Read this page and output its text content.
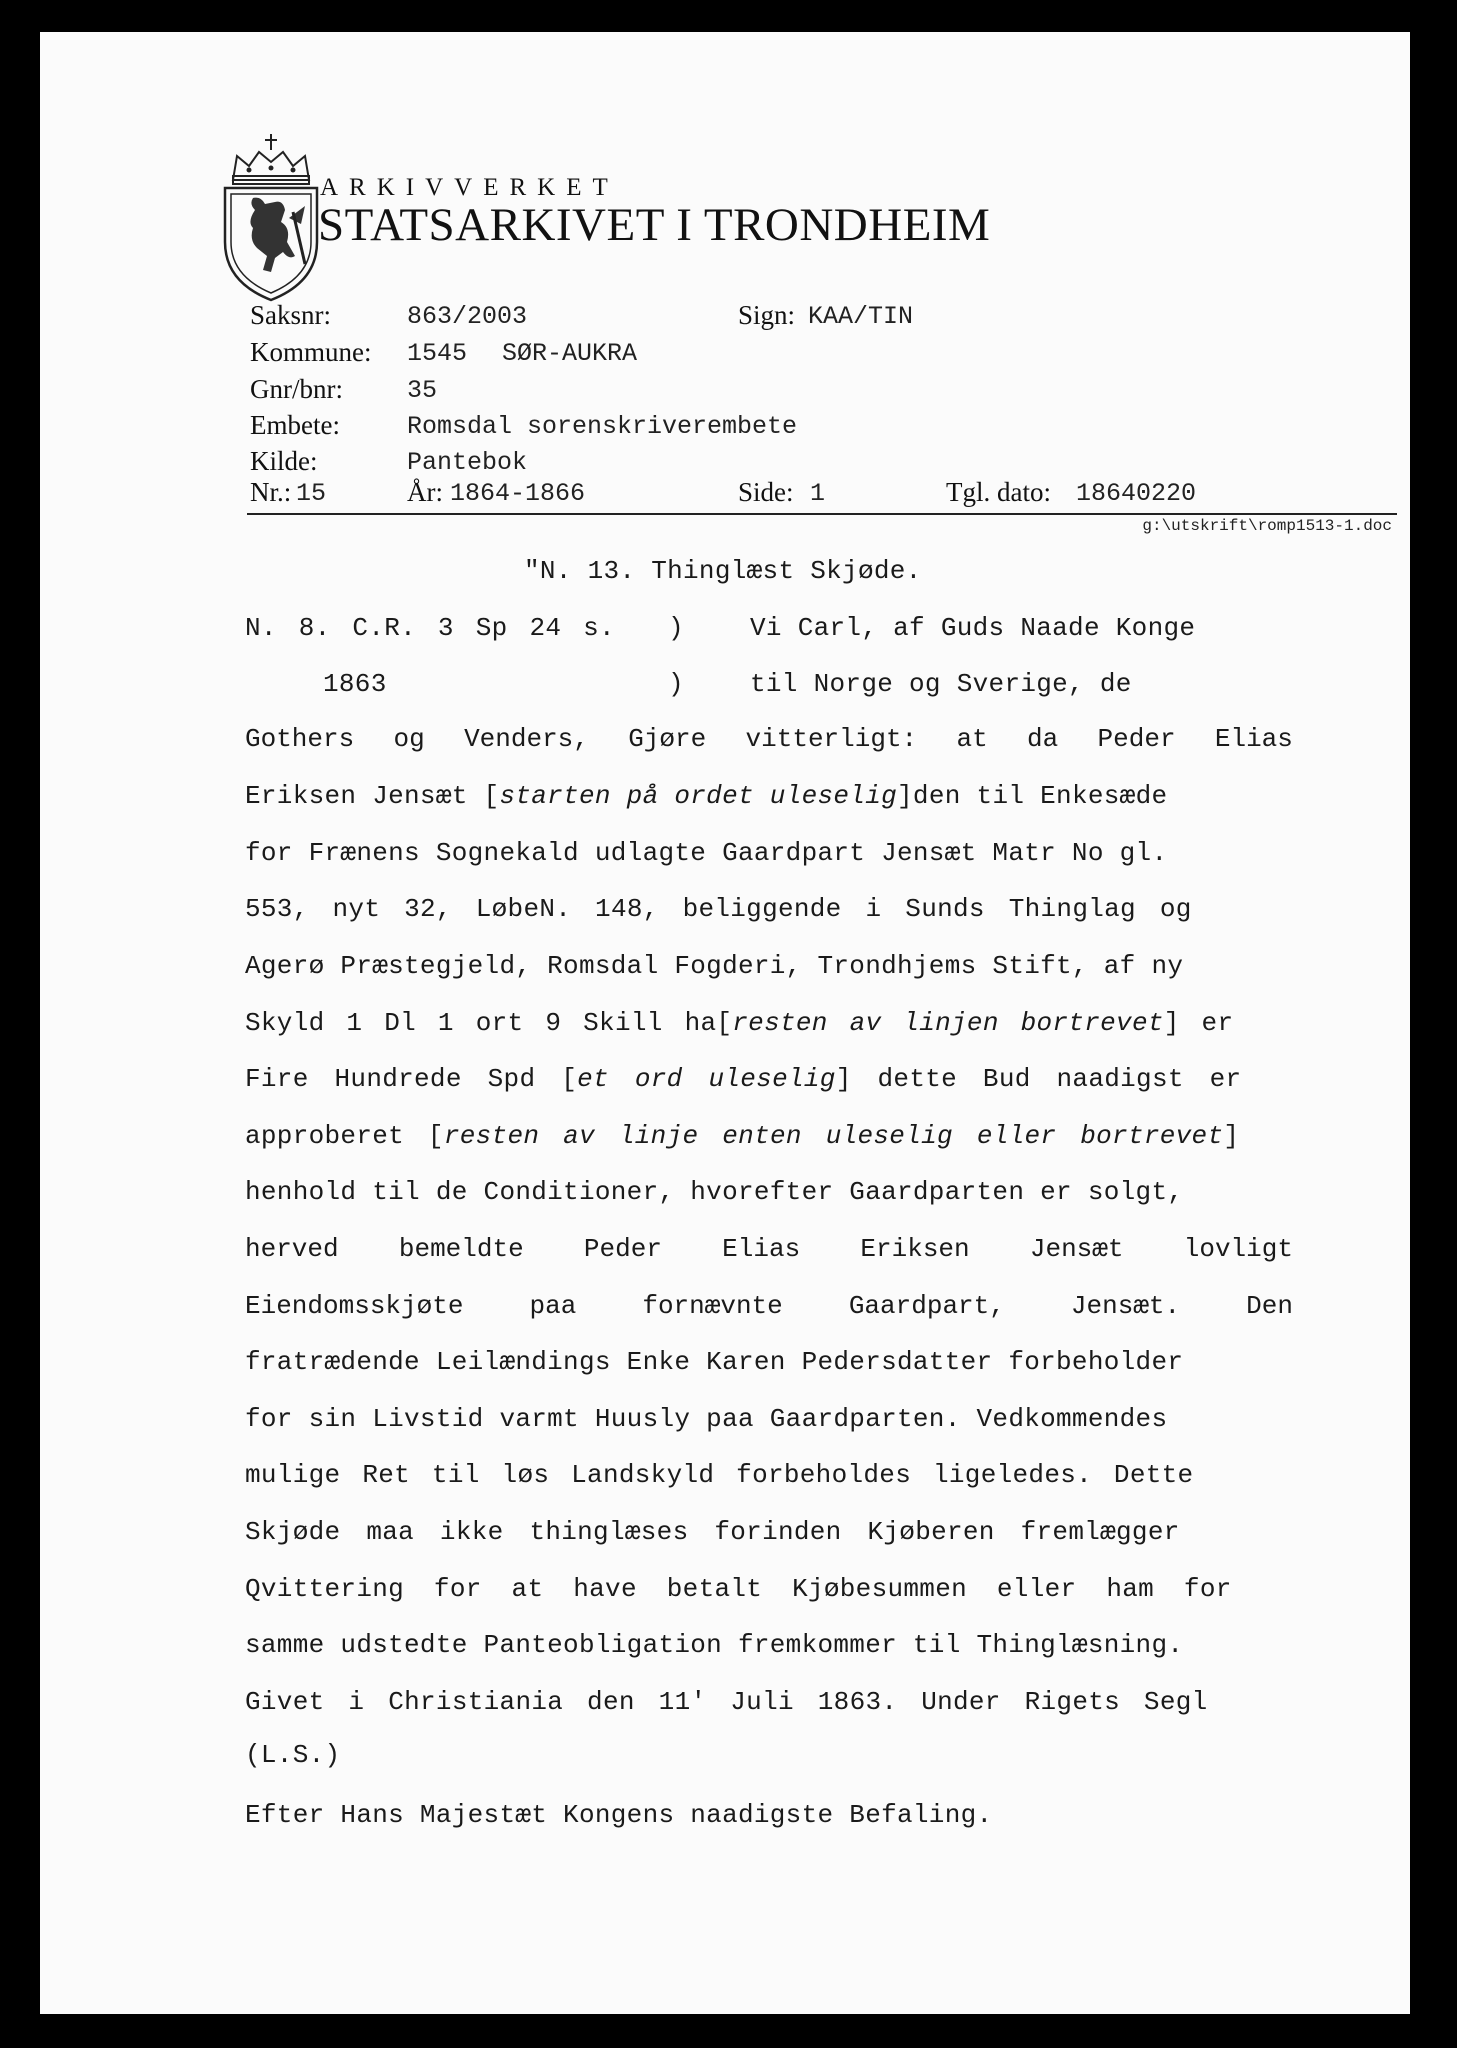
ARKIVVERKET
STATSARKIVET I TRONDHEIM
Saksnr:	863/2003	Sign: KAA/TIN
Kommune: 1545 SØR-AUKRA
Gnr/bnr:	35
Embete:	Romsdal sorenskriverembete
Kilde:	Pantebok
Nr.: 15	År: 1864-1866	Side: 1	Tgl. dato: 18640220
g:\utskrift\romp1513-1.doc
"N. 13. Thinglæst Skjøde.
N. 8. C.R. 3 Sp 24 s. )	Vi Carl, af Guds Naade Konge
1863	)	til Norge og Sverige, de
Gothers og Venders, Gjøre vitterligt: at da Peder Elias
Eriksen Jensæt [starten på ordet uleselig]den til Enkesæde
for Frænens Sognekald udlagte Gaardpart Jensæt Matr No gl.
553, nyt 32, LøbeN. 148, beliggende i Sunds Thinglag og
Agerø Præstegjeld, Romsdal Fogderi, Trondhjems Stift, af ny
Skyld 1 Dl 1 ort 9 Skill ha[resten av linjen bortrevet] er
Fire Hundrede Spd [et ord uleselig] dette Bud naadigst er
approberet [resten av linje enten uleselig eller bortrevet]
henhold til de Conditioner, hvorefter Gaardparten er solgt,
herved bemeldte Peder Elias Eriksen Jensæt lovligt
Eiendomsskjøte	paa	fornævnte	Gaardpart,	Jensæt.	Den
fratrædende Leilændings Enke Karen Pedersdatter forbeholder
for sin Livstid varmt Huusly paa Gaardparten. Vedkommendes
mulige Ret til løs Landskyld forbeholdes ligeledes. Dette
Skjøde maa ikke thinglæses forinden Kjøberen fremlægger
Qvittering for at have betalt Kjøbesummen eller ham for
samme udstedte Panteobligation fremkommer til Thinglæsning.
Givet i Christiania den 11' Juli 1863. Under Rigets Segl
(L.S.)
Efter Hans Majestæt Kongens naadigste Befaling.
